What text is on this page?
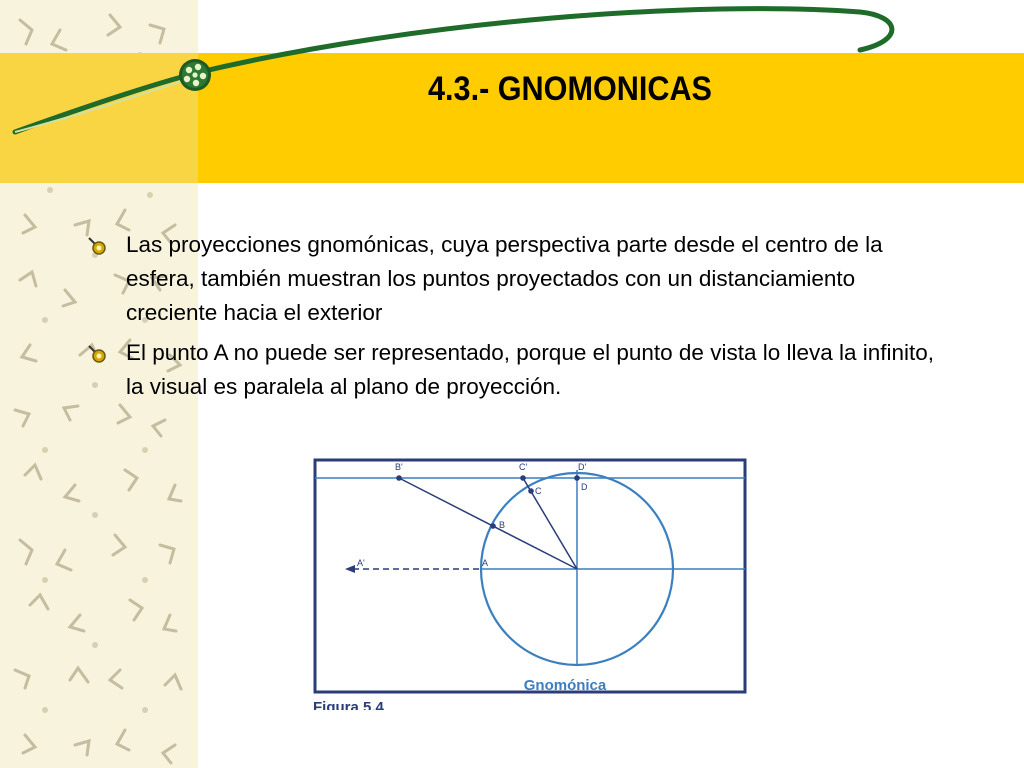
4.3.- GNOMONICAS
Las proyecciones gnomónicas, cuya perspectiva parte desde el centro de la esfera, también muestran los puntos proyectados con un distanciamiento creciente hacia el exterior
El punto A no puede ser representado, porque el punto de vista lo lleva la infinito, la visual es paralela al plano de proyección.
B'	C'	D'
D
C
B
A
A'
Gnomónica
Figura 5.4
